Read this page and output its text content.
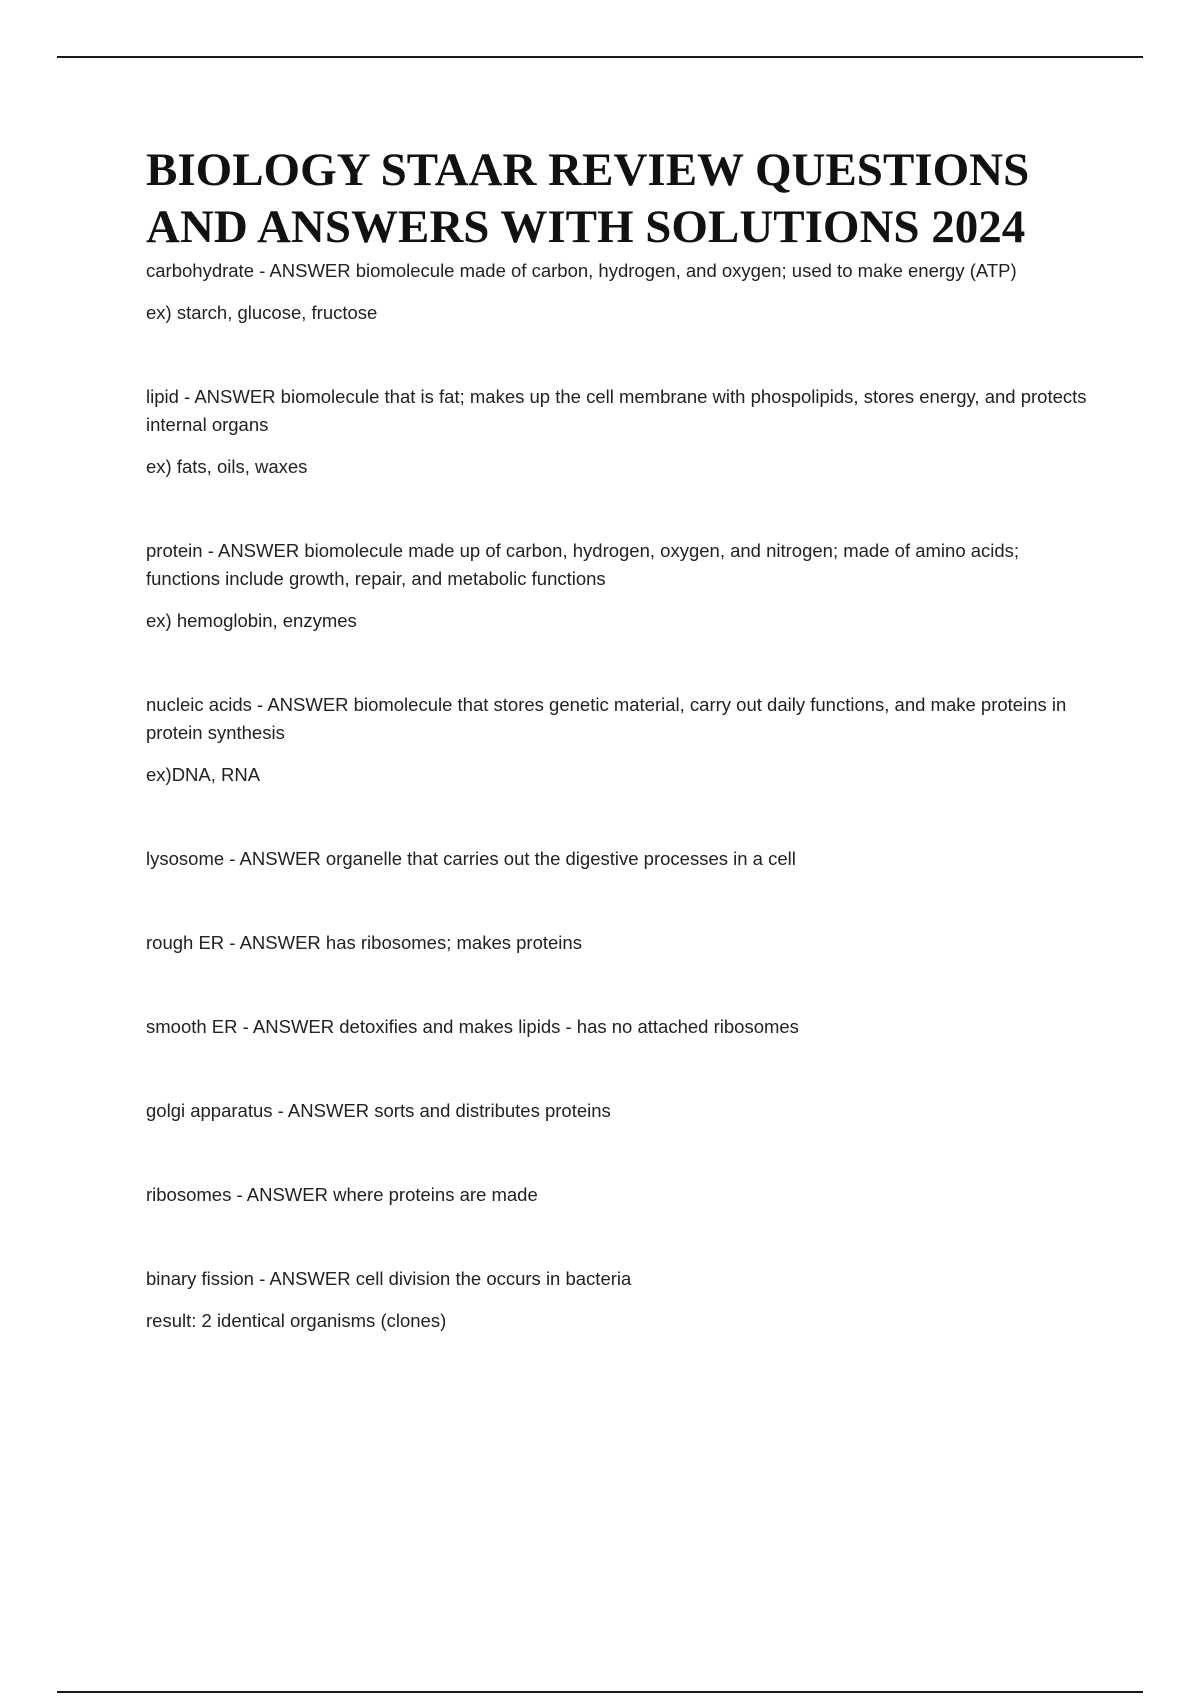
BIOLOGY STAAR REVIEW QUESTIONS
AND ANSWERS WITH SOLUTIONS 2024

carbohydrate - ANSWER biomolecule made of carbon, hydrogen, and oxygen; used to make energy (ATP)

ex) starch, glucose, fructose

lipid - ANSWER biomolecule that is fat; makes up the cell membrane with phospolipids, stores energy, and protects internal organs

ex) fats, oils, waxes

protein - ANSWER biomolecule made up of carbon, hydrogen, oxygen, and nitrogen; made of amino acids; functions include growth, repair, and metabolic functions

ex) hemoglobin, enzymes

nucleic acids - ANSWER biomolecule that stores genetic material, carry out daily functions, and make proteins in protein synthesis

ex)DNA, RNA

lysosome - ANSWER organelle that carries out the digestive processes in a cell

rough ER - ANSWER has ribosomes; makes proteins

smooth ER - ANSWER detoxifies and makes lipids - has no attached ribosomes

golgi apparatus - ANSWER sorts and distributes proteins

ribosomes - ANSWER where proteins are made

binary fission - ANSWER cell division the occurs in bacteria

result: 2 identical organisms (clones)
